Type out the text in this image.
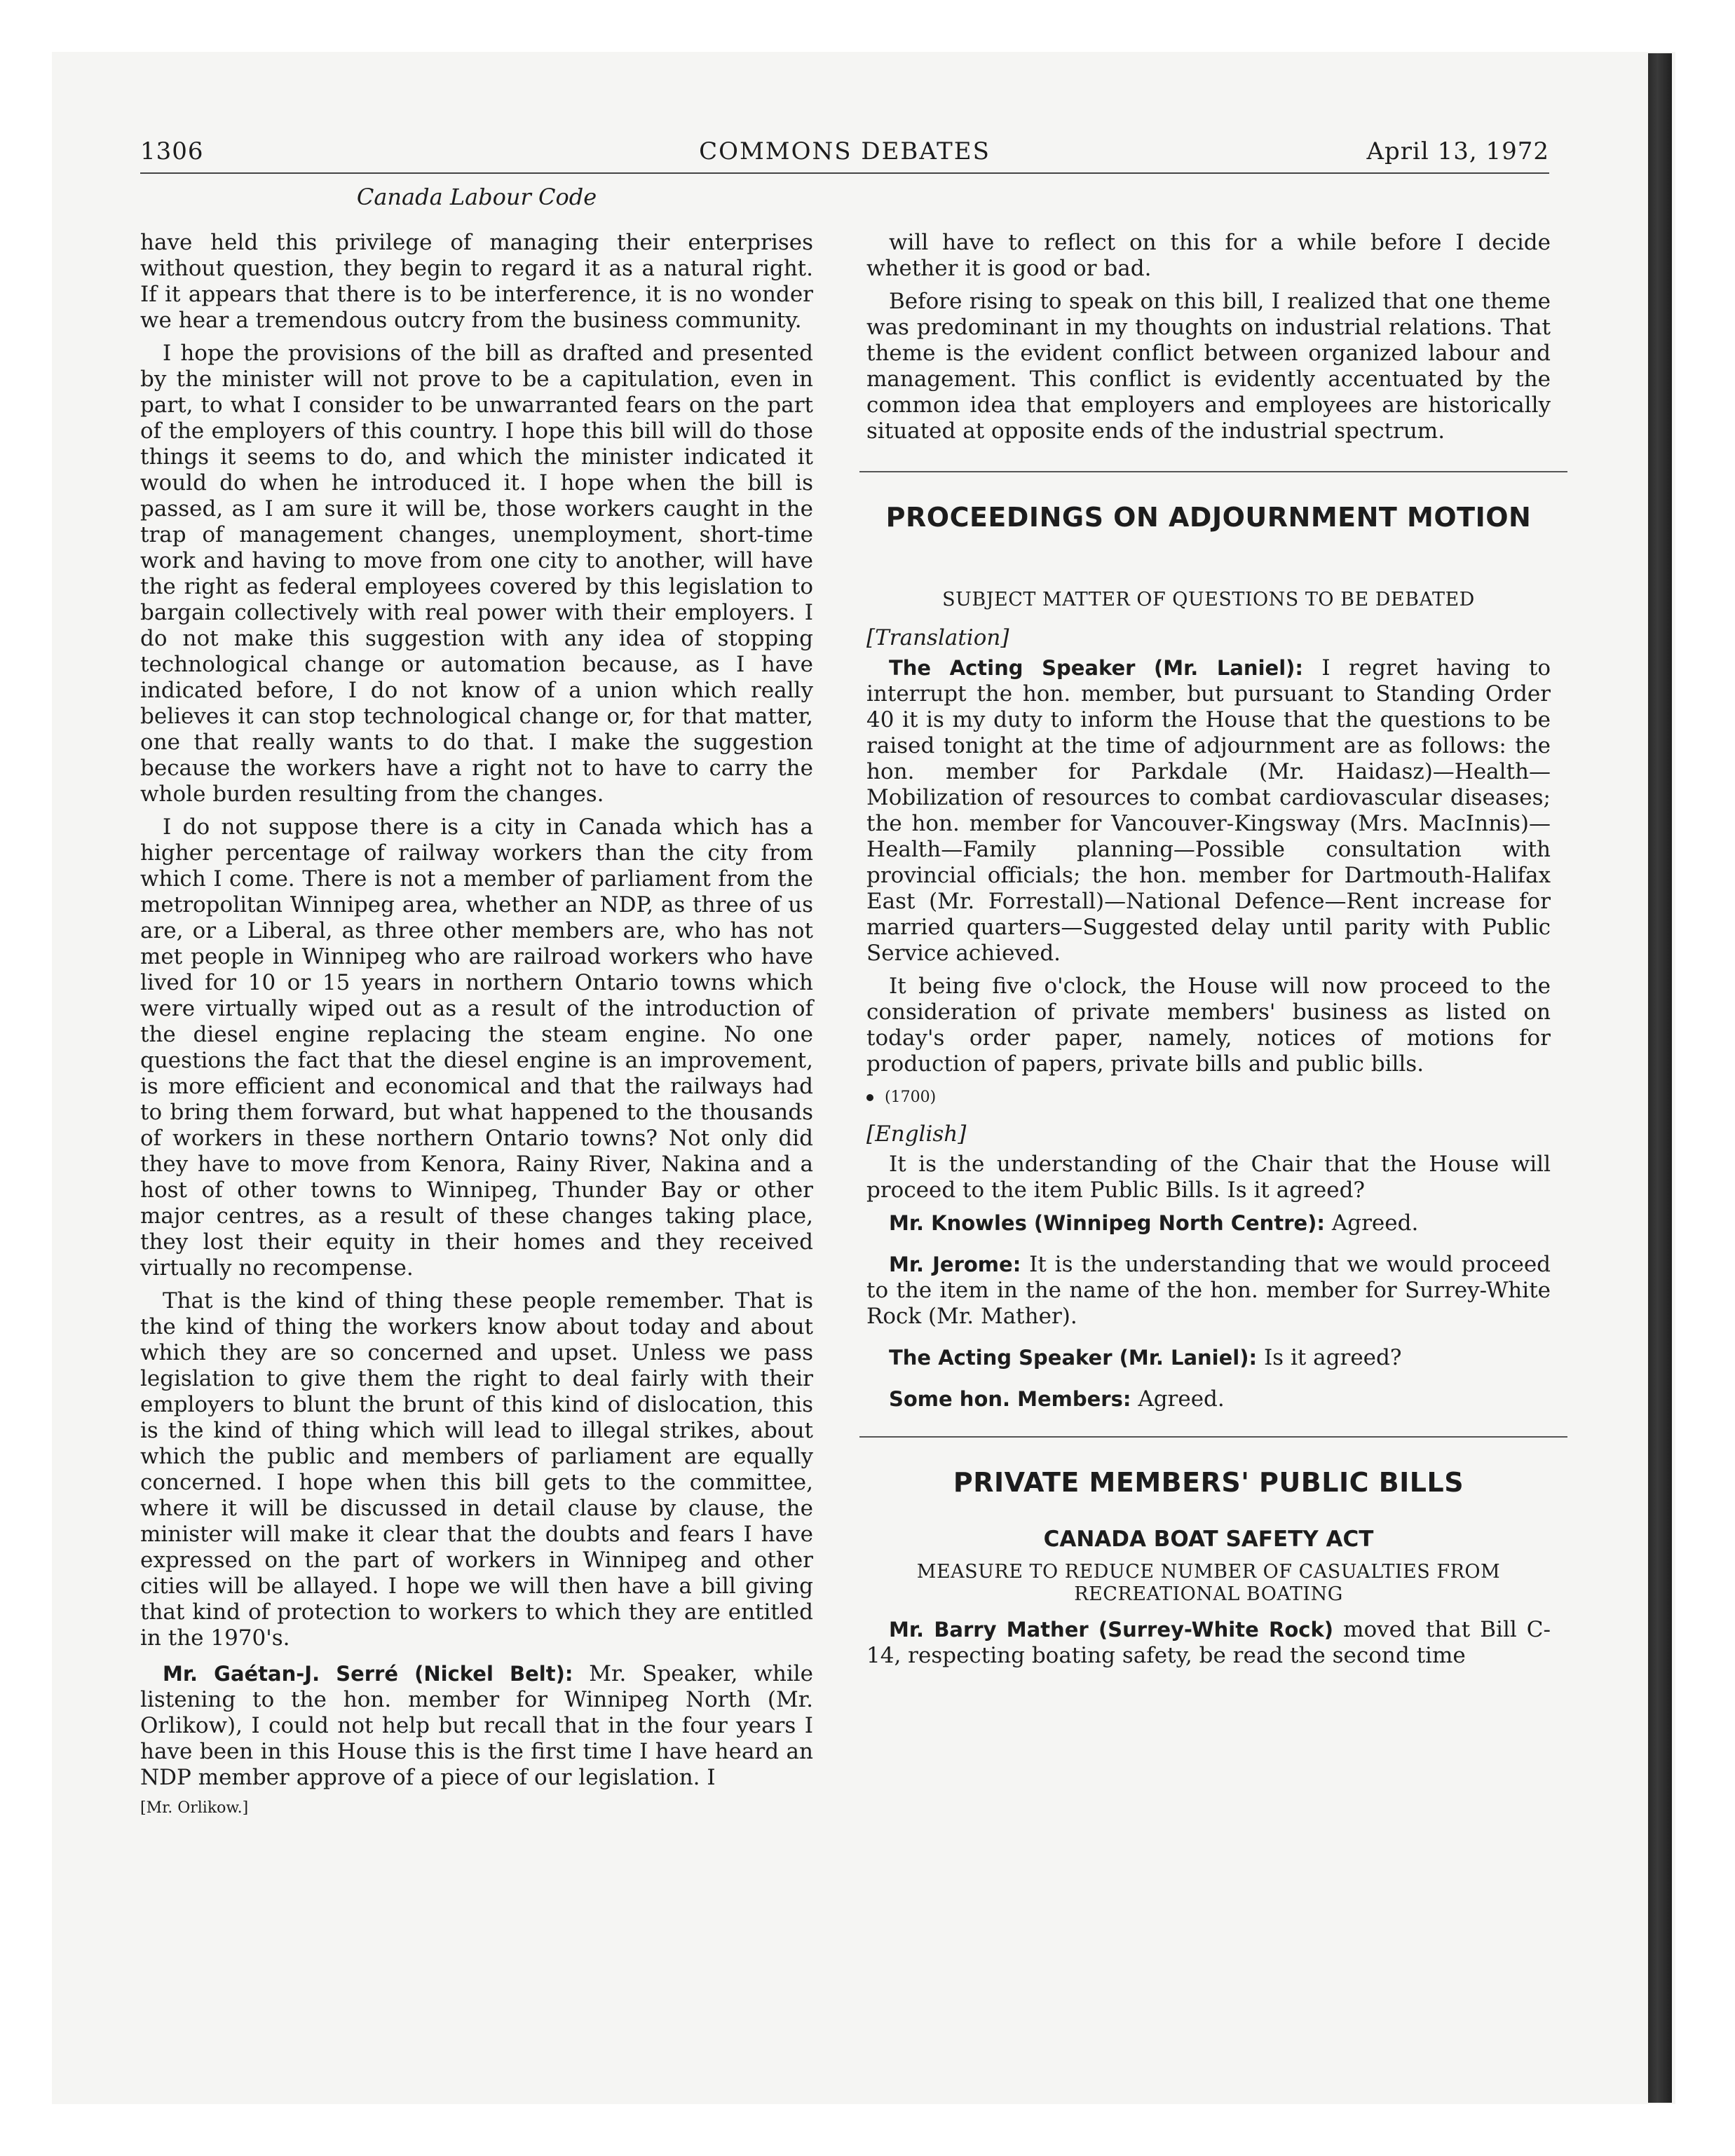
1306	COMMONS DEBATES	April 13, 1972
Canada Labour Code

have held this privilege of managing their enterprises without question, they begin to regard it as a natural right. If it appears that there is to be interference, it is no wonder we hear a tremendous outcry from the business community.

I hope the provisions of the bill as drafted and presented by the minister will not prove to be a capitulation, even in part, to what I consider to be unwarranted fears on the part of the employers of this country. I hope this bill will do those things it seems to do, and which the minister indicated it would do when he introduced it. I hope when the bill is passed, as I am sure it will be, those workers caught in the trap of management changes, unemployment, short-time work and having to move from one city to another, will have the right as federal employees covered by this legislation to bargain collectively with real power with their employers. I do not make this suggestion with any idea of stopping technological change or automation because, as I have indicated before, I do not know of a union which really believes it can stop technological change or, for that matter, one that really wants to do that. I make the suggestion because the workers have a right not to have to carry the whole burden resulting from the changes.

I do not suppose there is a city in Canada which has a higher percentage of railway workers than the city from which I come. There is not a member of parliament from the metropolitan Winnipeg area, whether an NDP, as three of us are, or a Liberal, as three other members are, who has not met people in Winnipeg who are railroad workers who have lived for 10 or 15 years in northern Ontario towns which were virtually wiped out as a result of the introduction of the diesel engine replacing the steam engine. No one questions the fact that the diesel engine is an improvement, is more efficient and economical and that the railways had to bring them forward, but what happened to the thousands of workers in these northern Ontario towns? Not only did they have to move from Kenora, Rainy River, Nakina and a host of other towns to Winnipeg, Thunder Bay or other major centres, as a result of these changes taking place, they lost their equity in their homes and they received virtually no recompense.

That is the kind of thing these people remember. That is the kind of thing the workers know about today and about which they are so concerned and upset. Unless we pass legislation to give them the right to deal fairly with their employers to blunt the brunt of this kind of dislocation, this is the kind of thing which will lead to illegal strikes, about which the public and members of parliament are equally concerned. I hope when this bill gets to the committee, where it will be discussed in detail clause by clause, the minister will make it clear that the doubts and fears I have expressed on the part of workers in Winnipeg and other cities will be allayed. I hope we will then have a bill giving that kind of protection to workers to which they are entitled in the 1970's.

Mr. Gaétan-J. Serré (Nickel Belt): Mr. Speaker, while listening to the hon. member for Winnipeg North (Mr. Orlikow), I could not help but recall that in the four years I have been in this House this is the first time I have heard an NDP member approve of a piece of our legislation. I

[Mr. Orlikow.]

will have to reflect on this for a while before I decide whether it is good or bad.

Before rising to speak on this bill, I realized that one theme was predominant in my thoughts on industrial relations. That theme is the evident conflict between organized labour and management. This conflict is evidently accentuated by the common idea that employers and employees are historically situated at opposite ends of the industrial spectrum.

PROCEEDINGS ON ADJOURNMENT MOTION
SUBJECT MATTER OF QUESTIONS TO BE DEBATED
[Translation]

The Acting Speaker (Mr. Laniel): I regret having to interrupt the hon. member, but pursuant to Standing Order 40 it is my duty to inform the House that the questions to be raised tonight at the time of adjournment are as follows: the hon. member for Parkdale (Mr. Haidasz)—Health—Mobilization of resources to combat cardiovascular diseases; the hon. member for Vancouver-Kingsway (Mrs. MacInnis)—Health—Family planning—Possible consultation with provincial officials; the hon. member for Dartmouth-Halifax East (Mr. Forrestall)—National Defence—Rent increase for married quarters—Suggested delay until parity with Public Service achieved.

It being five o'clock, the House will now proceed to the consideration of private members' business as listed on today's order paper, namely, notices of motions for production of papers, private bills and public bills.

(1700)
[English]

It is the understanding of the Chair that the House will proceed to the item Public Bills. Is it agreed?

Mr. Knowles (Winnipeg North Centre): Agreed.

Mr. Jerome: It is the understanding that we would proceed to the item in the name of the hon. member for Surrey-White Rock (Mr. Mather).

The Acting Speaker (Mr. Laniel): Is it agreed?

Some hon. Members: Agreed.

PRIVATE MEMBERS' PUBLIC BILLS
CANADA BOAT SAFETY ACT
MEASURE TO REDUCE NUMBER OF CASUALTIES FROM RECREATIONAL BOATING

Mr. Barry Mather (Surrey-White Rock) moved that Bill C-14, respecting boating safety, be read the second time
